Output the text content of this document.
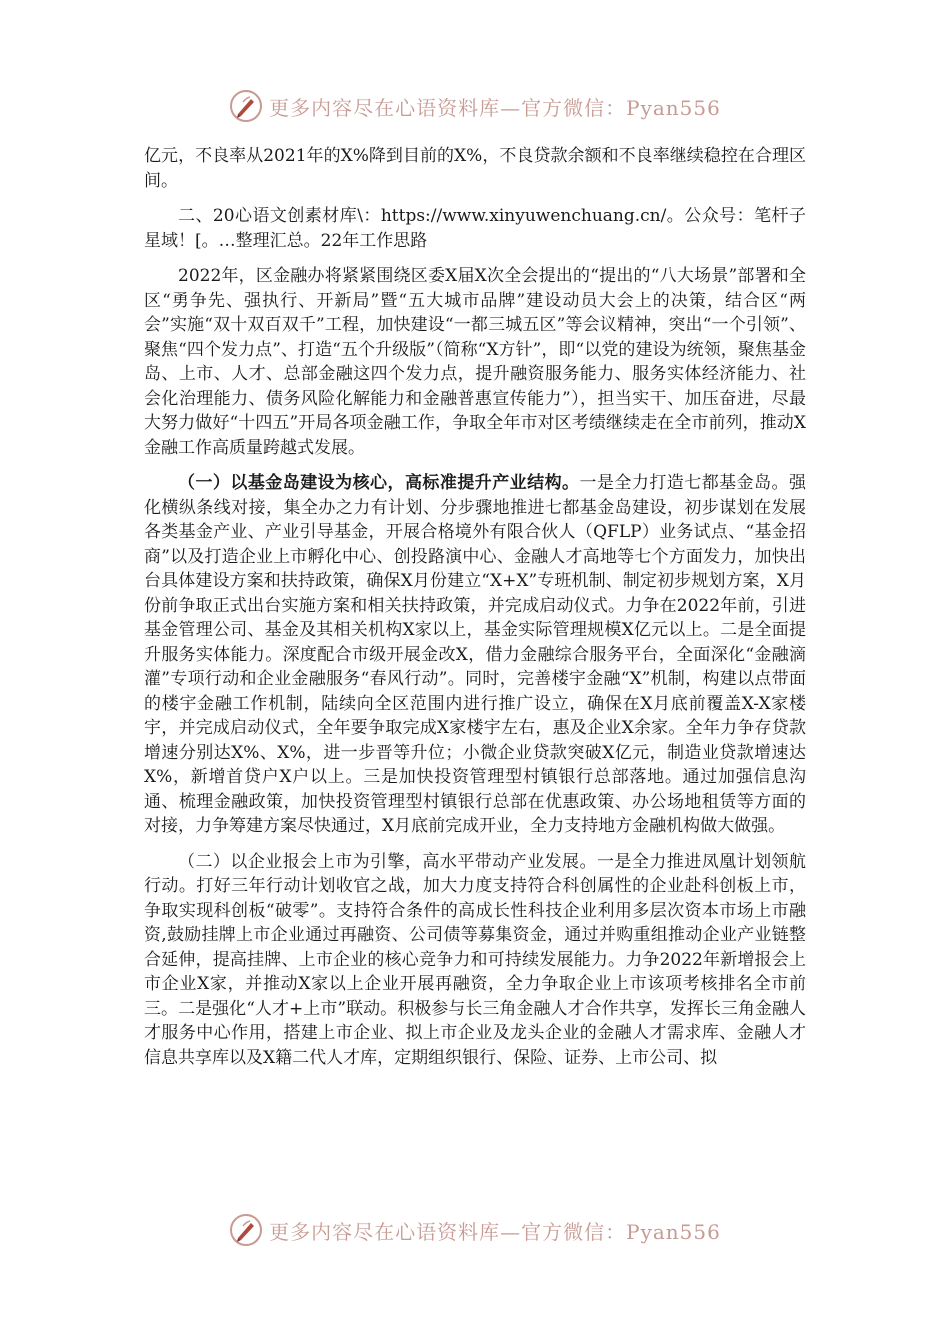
更多内容尽在心语资料库—官方微信：Pyan556

亿元，不良率从2021年的X%降到目前的X%，不良贷款余额和不良率继续稳控在合理区间。

二、20心语文创素材库\：https://www.xinyuwenchuang.cn/。公众号：笔杆子星域！[。…整理汇总。22年工作思路

2022年，区金融办将紧紧围绕区委X届X次全会提出的“提出的“八大场景”部署和全区“勇争先、强执行、开新局”暨“五大城市品牌”建设动员大会上的决策，结合区“两会”实施“双十双百双千”工程，加快建设“一都三城五区”等会议精神，突出“一个引领”、聚焦“四个发力点”、打造“五个升级版”（简称“X方针”，即“以党的建设为统领，聚焦基金岛、上市、人才、总部金融这四个发力点，提升融资服务能力、服务实体经济能力、社会化治理能力、债务风险化解能力和金融普惠宣传能力”），担当实干、加压奋进，尽最大努力做好“十四五”开局各项金融工作，争取全年市对区考绩继续走在全市前列，推动X金融工作高质量跨越式发展。

（一）以基金岛建设为核心，高标准提升产业结构。一是全力打造七都基金岛。强化横纵条线对接，集全办之力有计划、分步骤地推进七都基金岛建设，初步谋划在发展各类基金产业、产业引导基金，开展合格境外有限合伙人（QFLP）业务试点、“基金招商”以及打造企业上市孵化中心、创投路演中心、金融人才高地等七个方面发力，加快出台具体建设方案和扶持政策，确保X月份建立“X+X”专班机制、制定初步规划方案，X月份前争取正式出台实施方案和相关扶持政策，并完成启动仪式。力争在2022年前，引进基金管理公司、基金及其相关机构X家以上，基金实际管理规模X亿元以上。二是全面提升服务实体能力。深度配合市级开展金改X，借力金融综合服务平台，全面深化“金融滴灌”专项行动和企业金融服务“春风行动”。同时，完善楼宇金融“X”机制，构建以点带面的楼宇金融工作机制，陆续向全区范围内进行推广设立，确保在X月底前覆盖X-X家楼宇，并完成启动仪式，全年要争取完成X家楼宇左右，惠及企业X余家。全年力争存贷款增速分别达X%、X%，进一步晋等升位；小微企业贷款突破X亿元，制造业贷款增速达X%，新增首贷户X户以上。三是加快投资管理型村镇银行总部落地。通过加强信息沟通、梳理金融政策，加快投资管理型村镇银行总部在优惠政策、办公场地租赁等方面的对接，力争筹建方案尽快通过，X月底前完成开业，全力支持地方金融机构做大做强。

（二）以企业报会上市为引擎，高水平带动产业发展。一是全力推进凤凰计划领航行动。打好三年行动计划收官之战，加大力度支持符合科创属性的企业赴科创板上市，争取实现科创板“破零”。支持符合条件的高成长性科技企业利用多层次资本市场上市融资,鼓励挂牌上市企业通过再融资、公司债等募集资金，通过并购重组推动企业产业链整合延伸，提高挂牌、上市企业的核心竞争力和可持续发展能力。力争2022年新增报会上市企业X家，并推动X家以上企业开展再融资，全力争取企业上市该项考核排名全市前三。二是强化“人才+上市”联动。积极参与长三角金融人才合作共享，发挥长三角金融人才服务中心作用，搭建上市企业、拟上市企业及龙头企业的金融人才需求库、金融人才信息共享库以及X籍二代人才库，定期组织银行、保险、证券、上市公司、拟

更多内容尽在心语资料库—官方微信：Pyan556
